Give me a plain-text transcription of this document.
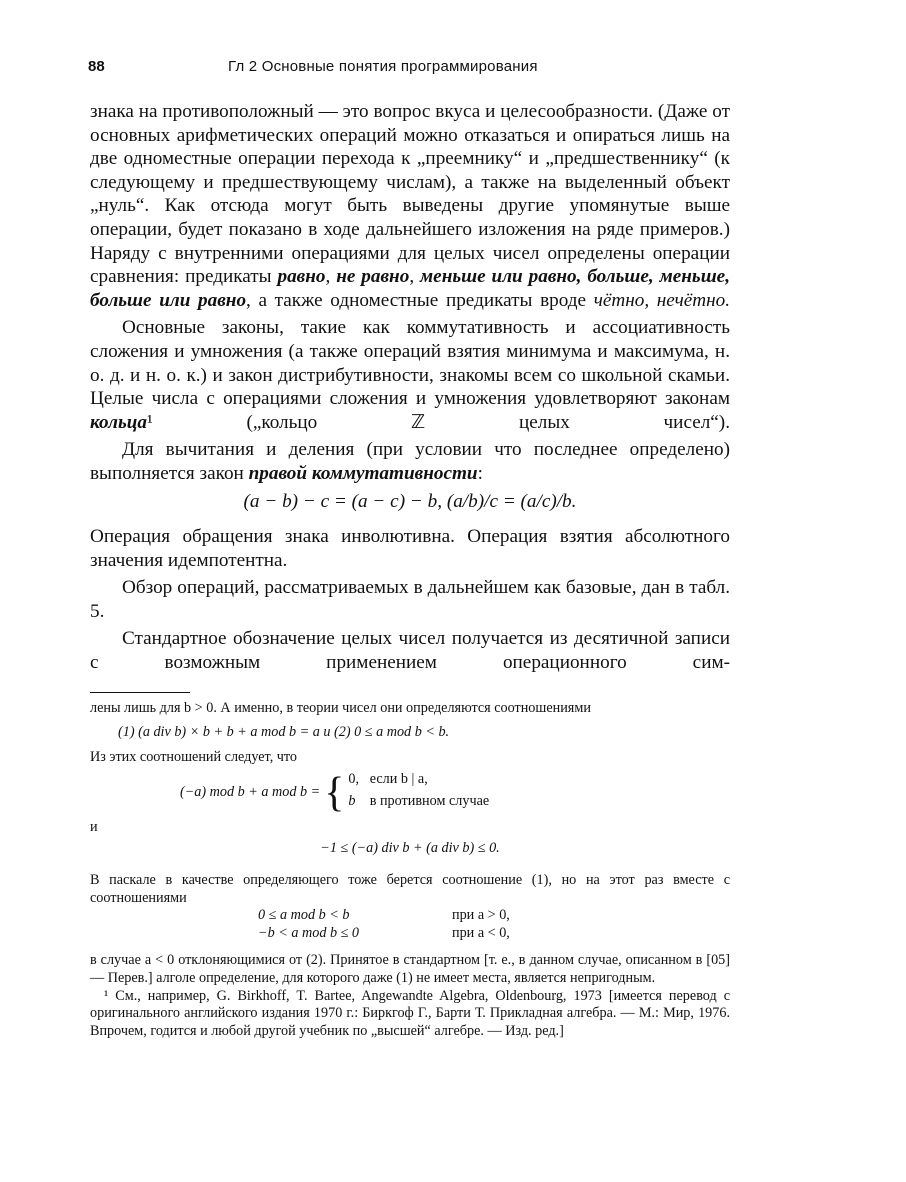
88	Гл 2 Основные понятия программирования

знака на противоположный — это вопрос вкуса и целесообразности. (Даже от основных арифметических операций можно отказаться и опираться лишь на две одноместные операции перехода к „преемнику“ и „предшественнику“ (к следующему и предшествующему числам), а также на выделенный объект „нуль“. Как отсюда могут быть выведены другие упомянутые выше операции, будет показано в ходе дальнейшего изложения на ряде примеров.) Наряду с внутренними операциями для целых чисел определены операции сравнения: предикаты равно, не равно, меньше или равно, больше, меньше, больше или равно, а также одноместные предикаты вроде чётно, нечётно.

Основные законы, такие как коммутативность и ассоциативность сложения и умножения (а также операций взятия минимума и максимума, н. о. д. и н. о. к.) и закон дистрибутивности, знакомы всем со школьной скамьи. Целые числа с операциями сложения и умножения удовлетворяют законам кольца¹ („кольцо ℤ целых чисел“).

Для вычитания и деления (при условии что последнее определено) выполняется закон правой коммутативности:

(a − b) − c = (a − c) − b, (a/b)/c = (a/c)/b.

Операция обращения знака инволютивна. Операция взятия абсолютного значения идемпотентна.

Обзор операций, рассматриваемых в дальнейшем как базовые, дан в табл. 5.

Стандартное обозначение целых чисел получается из десятичной записи с возможным применением операционного сим-

лены лишь для b > 0. А именно, в теории чисел они определяются соотношениями

(1) (a div b) × b + b + a mod b = a и (2) 0 ≤ a mod b < b.

Из этих соотношений следует, что

(−a) mod b + a mod b = { 0, если b | a,
b в противном случае

и

−1 ≤ (−a) div b + (a div b) ≤ 0.

В паскале в качестве определяющего тоже берется соотношение (1), но на этот раз вместе с соотношениями

0 ≤ a mod b < b	при a > 0,
−b < a mod b ≤ 0	при a < 0,

в случае a < 0 отклоняющимися от (2). Принятое в стандартном [т. е., в данном случае, описанном в [05] — Перев.] алголе определение, для которого даже (1) не имеет места, является непригодным.

¹ См., например, G. Birkhoff, T. Bartee, Angewandte Algebra, Oldenbourg, 1973 [имеется перевод с оригинального английского издания 1970 г.: Биркгоф Г., Барти Т. Прикладная алгебра. — М.: Мир, 1976. Впрочем, годится и любой другой учебник по „высшей“ алгебре. — Изд. ред.]
